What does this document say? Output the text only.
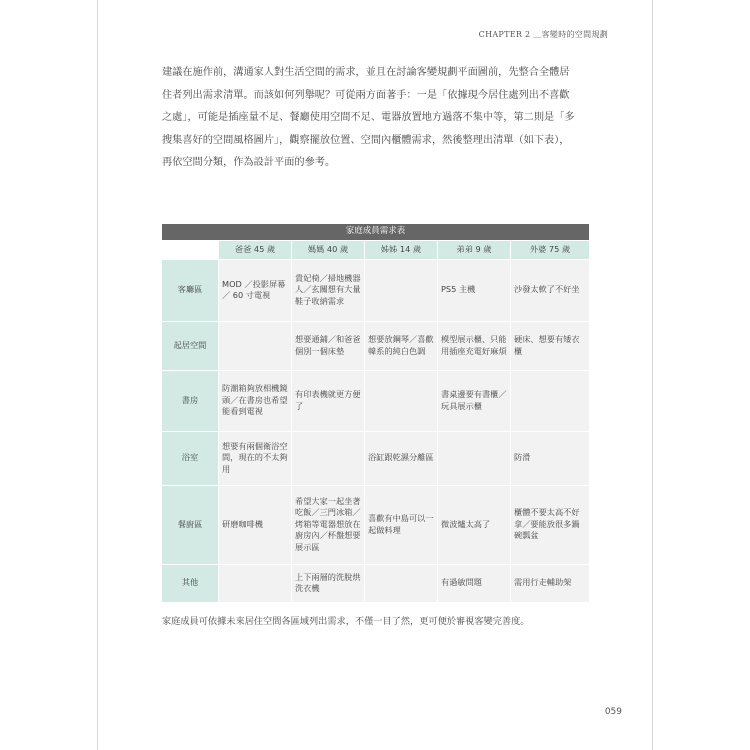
CHAPTER 2 ＿客變時的空間規劃
建議在施作前，溝通家人對生活空間的需求，並且在討論客變規劃平面圖前，先整合全體居
住者列出需求清單。而該如何列舉呢？可從兩方面著手：一是「依據現今居住處列出不喜歡
之處」，可能是插座量不足、餐廳使用空間不足、電器放置地方過落不集中等，第二則是「多
搜集喜好的空間風格圖片」，觀察擺放位置、空間內櫃體需求，然後整理出清單（如下表），
再依空間分類，作為設計平面的參考。
家庭成員需求表					
	爸爸 45 歲	媽媽 40 歲	姊姊 14 歲	弟弟 9 歲	外婆 75 歲
客廳區	MOD ／投影屏幕／ 60 寸電視	貴妃椅／掃地機器人／玄關想有大量鞋子收納需求		PS5 主機	沙發太軟了不好坐
起居空間		想要通鋪／和爸爸個別一個床墊	想要放鋼琴／喜歡韓系的純白色調	模型展示櫃、只能用插座充電好麻煩	硬床、想要有矮衣櫃
書房	防潮箱夠放相機鏡頭／在書房也希望能看到電視	有印表機就更方便了		書桌邊要有書櫃／玩具展示櫃	
浴室	想要有兩個衛浴空間，現在的不太夠用		浴缸跟乾濕分離區		防滑
餐廚區	研磨咖啡機	希望大家一起坐著吃飯／三門冰箱／烤箱等電器想放在廚房內／杯盤想要展示區	喜歡有中島可以一起做料理	微波爐太高了	櫃體不要太高不好拿／要能放很多鍋碗瓢盆
其他		上下兩層的洗脫烘洗衣機		有過敏問題	需用行走輔助架
家庭成員可依據未來居住空間各區域列出需求，不僅一目了然，更可便於審視客變完善度。
059
